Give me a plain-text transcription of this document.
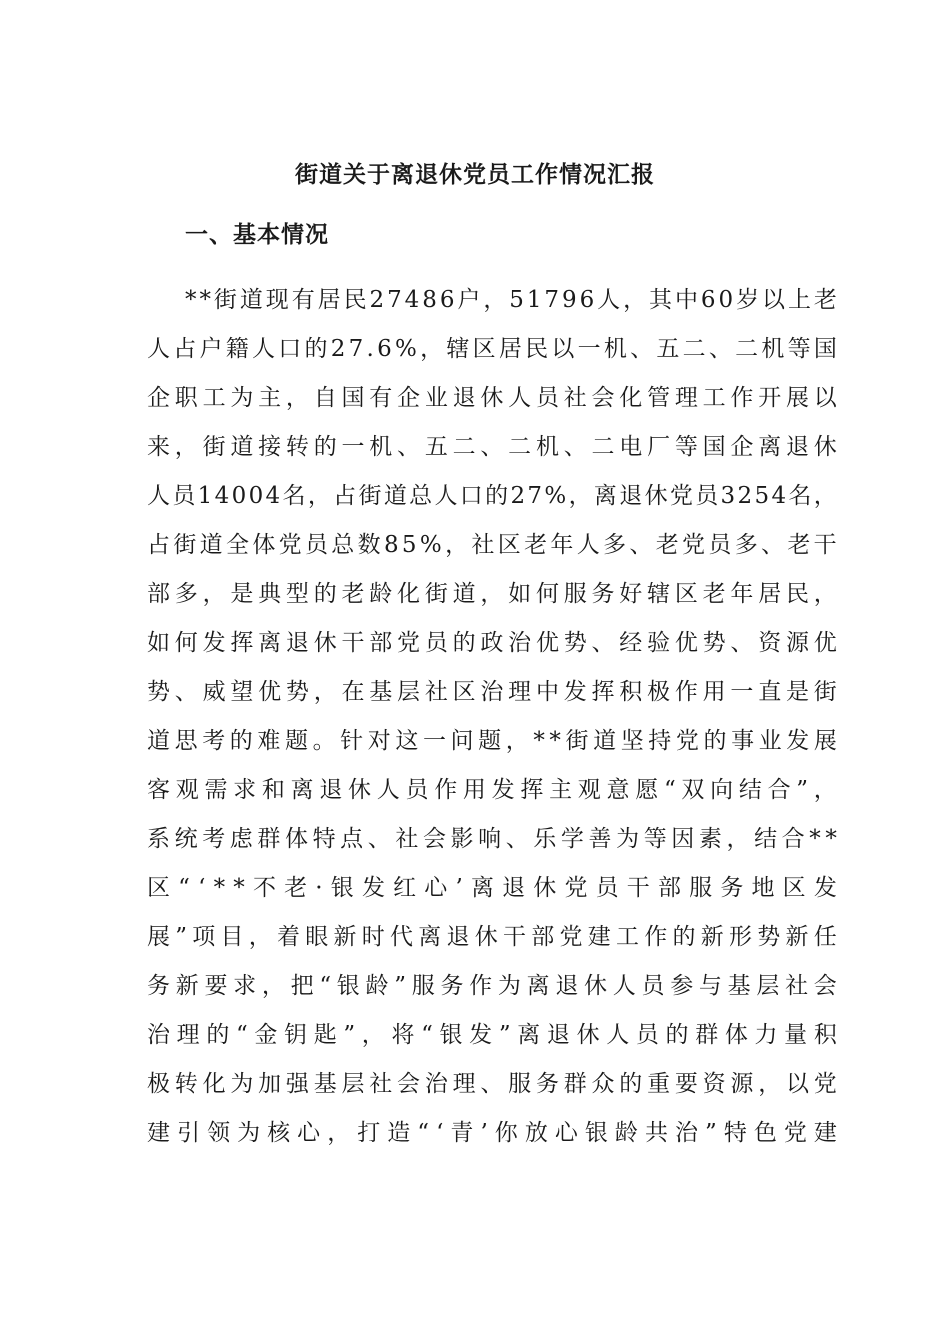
街道关于离退休党员工作情况汇报
一、基本情况
* * 街 道 现 有 居 民 2 7 4 8 6 户 ， 5 1 7 9 6 人 ， 其 中 6 0 岁 以 上 老
人 占 户 籍 人 口 的 2 7 . 6 % ， 辖 区 居 民 以 一 机 、 五 二 、 二 机 等 国
企 职 工 为 主 ， 自 国 有 企 业 退 休 人 员 社 会 化 管 理 工 作 开 展 以
来 ， 街 道 接 转 的 一 机 、 五 二 、 二 机 、 二 电 厂 等 国 企 离 退 休
人 员 1 4 0 0 4 名 ， 占 街 道 总 人 口 的 2 7 % ， 离 退 休 党 员 3 2 5 4 名 ，
占 街 道 全 体 党 员 总 数 8 5 % ， 社 区 老 年 人 多 、 老 党 员 多 、 老 干
部 多 ， 是 典 型 的 老 龄 化 街 道 ， 如 何 服 务 好 辖 区 老 年 居 民 ，
如 何 发 挥 离 退 休 干 部 党 员 的 政 治 优 势 、 经 验 优 势 、 资 源 优
势 、 威 望 优 势 ， 在 基 层 社 区 治 理 中 发 挥 积 极 作 用 一 直 是 街
道 思 考 的 难 题 。 针 对 这 一 问 题 ， * * 街 道 坚 持 党 的 事 业 发 展
客 观 需 求 和 离 退 休 人 员 作 用 发 挥 主 观 意 愿 “ 双 向 结 合 ” ，
系 统 考 虑 群 体 特 点 、 社 会 影 响 、 乐 学 善 为 等 因 素 ， 结 合 * *
区 “ ‘ * * 不 老 · 银 发 红 心 ’ 离 退 休 党 员 干 部 服 务 地 区 发
展 ” 项 目 ， 着 眼 新 时 代 离 退 休 干 部 党 建 工 作 的 新 形 势 新 任
务 新 要 求 ， 把 “ 银 龄 ” 服 务 作 为 离 退 休 人 员 参 与 基 层 社 会
治 理 的 “ 金 钥 匙 ” ， 将 “ 银 发 ” 离 退 休 人 员 的 群 体 力 量 积
极 转 化 为 加 强 基 层 社 会 治 理 、 服 务 群 众 的 重 要 资 源 ， 以 党
建 引 领 为 核 心 ， 打 造 “ ‘ 青 ’ 你 放 心 银 龄 共 治 ” 特 色 党 建
